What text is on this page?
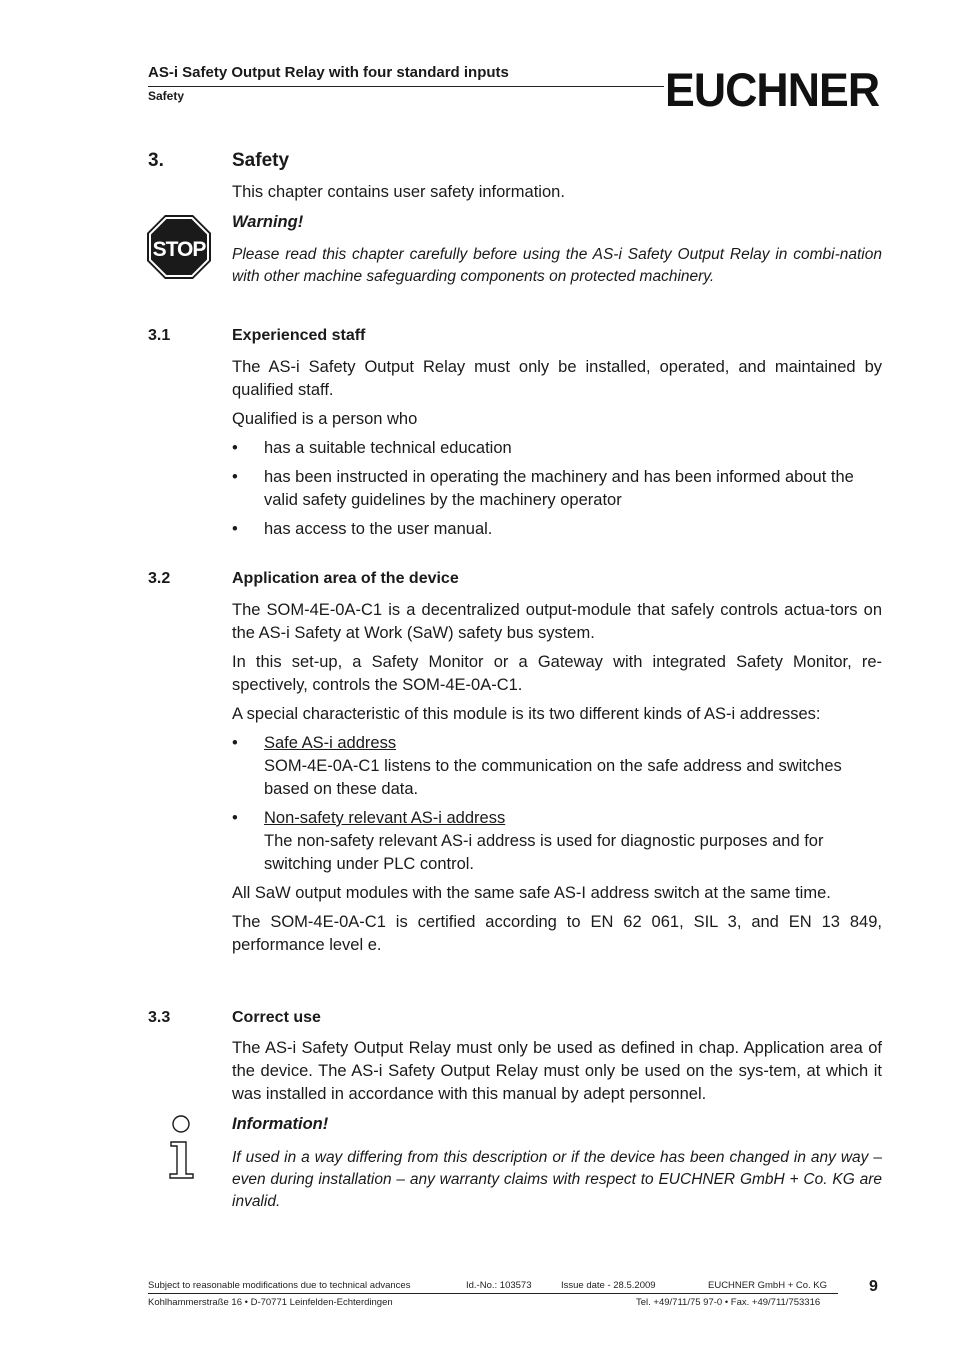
AS-i Safety Output Relay with four standard inputs
Safety	EUCHNER
3.	Safety

This chapter contains user safety information.

STOP
Warning!
Please read this chapter carefully before using the AS-i Safety Output Relay in combi-nation with other machine safeguarding components on protected machinery.
3.1	Experienced staff

The AS-i Safety Output Relay must only be installed, operated, and maintained by qualified staff.

Qualified is a person who

• has a suitable technical education
• has been instructed in operating the machinery and has been informed about the valid safety guidelines by the machinery operator
• has access to the user manual.
3.2	Application area of the device

The SOM-4E-0A-C1 is a decentralized output-module that safely controls actua-tors on the AS-i Safety at Work (SaW) safety bus system.

In this set-up, a Safety Monitor or a Gateway with integrated Safety Monitor, re-spectively, controls the SOM-4E-0A-C1.

A special characteristic of this module is its two different kinds of AS-i addresses:

• Safe AS-i address
SOM-4E-0A-C1 listens to the communication on the safe address and switches based on these data.
• Non-safety relevant AS-i address
The non-safety relevant AS-i address is used for diagnostic purposes and for switching under PLC control.

All SaW output modules with the same safe AS-I address switch at the same time.

The SOM-4E-0A-C1 is certified according to EN 62 061, SIL 3, and EN 13 849, performance level e.

3.3	Correct use

The AS-i Safety Output Relay must only be used as defined in chap. Application area of the device. The AS-i Safety Output Relay must only be used on the sys-tem, at which it was installed in accordance with this manual by adept personnel.

Information!
If used in a way differing from this description or if the device has been changed in any way – even during installation – any warranty claims with respect to EUCHNER GmbH + Co. KG are invalid.
Subject to reasonable modifications due to technical advances	Id.-No.: 103573	Issue date - 28.5.2009	EUCHNER GmbH + Co. KG	9
Kohlhammerstraße 16 • D-70771 Leinfelden-Echterdingen	Tel. +49/711/75 97-0 • Fax. +49/711/753316
